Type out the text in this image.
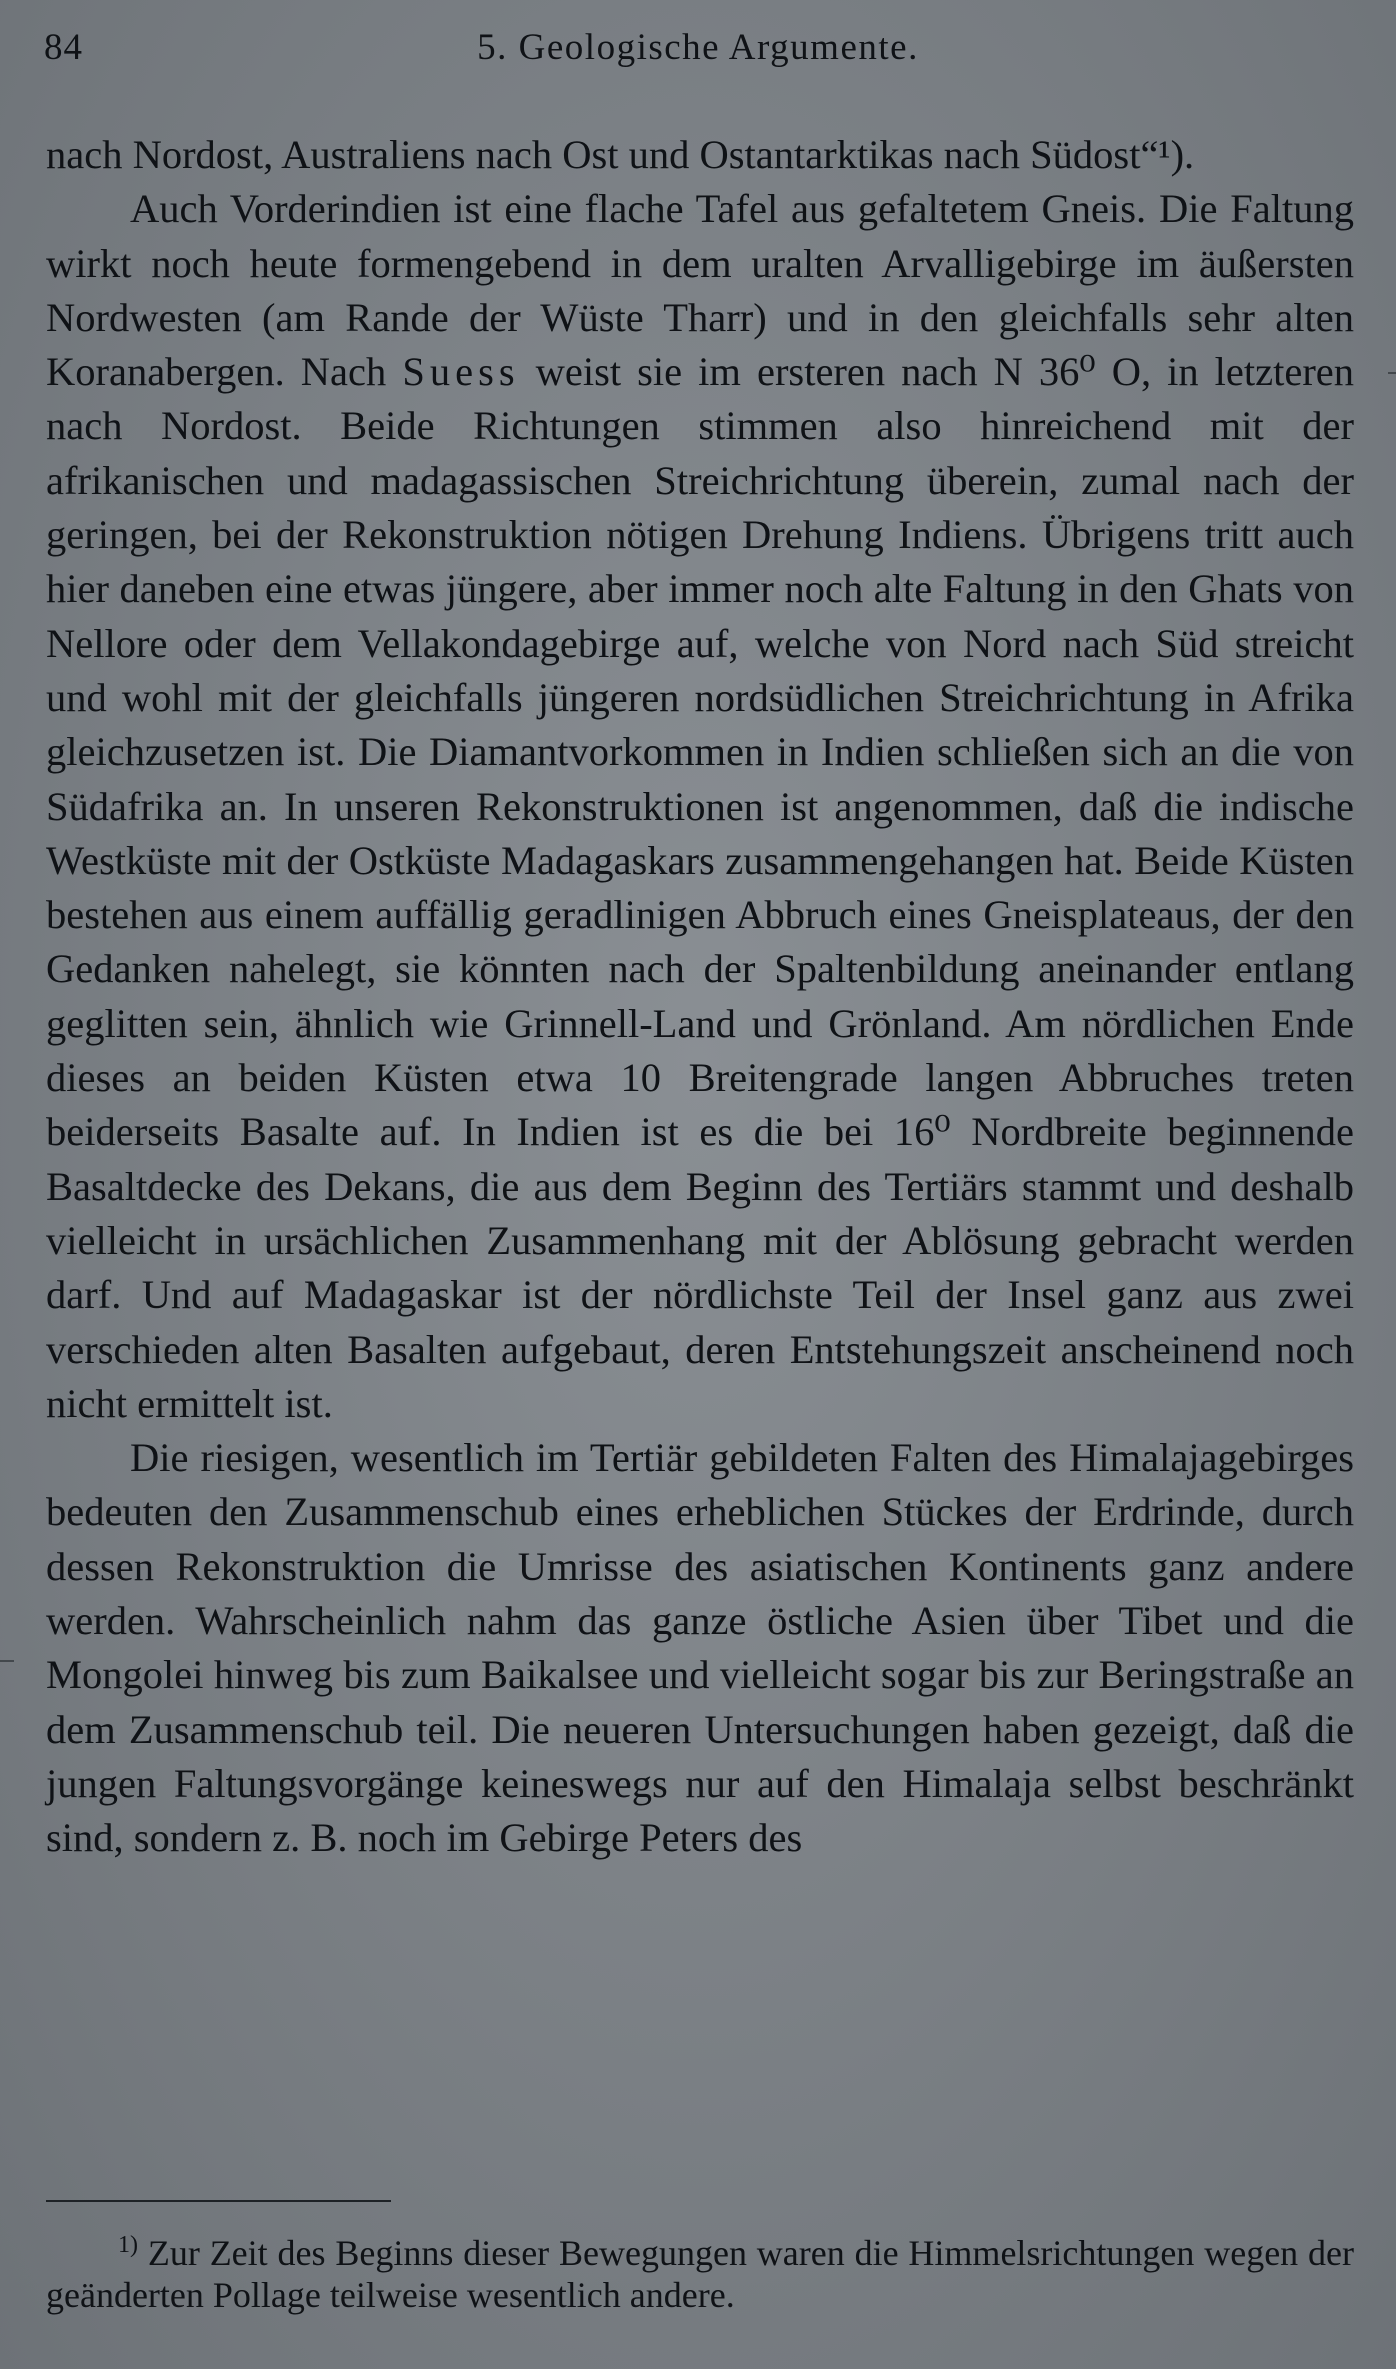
84	5. Geologische Argumente.

nach Nordost, Australiens nach Ost und Ostantarktikas nach Südost“¹).

Auch Vorderindien ist eine flache Tafel aus gefaltetem Gneis. Die Faltung wirkt noch heute formengebend in dem uralten Arvalligebirge im äußersten Nordwesten (am Rande der Wüste Tharr) und in den gleichfalls sehr alten Koranabergen. Nach Suess weist sie im ersteren nach N 36⁰ O, in letzteren nach Nordost. Beide Richtungen stimmen also hinreichend mit der afrikanischen und madagassischen Streichrichtung überein, zumal nach der geringen, bei der Rekonstruktion nötigen Drehung Indiens. Übrigens tritt auch hier daneben eine etwas jüngere, aber immer noch alte Faltung in den Ghats von Nellore oder dem Vellakondagebirge auf, welche von Nord nach Süd streicht und wohl mit der gleichfalls jüngeren nordsüdlichen Streichrichtung in Afrika gleichzusetzen ist. Die Diamantvorkommen in Indien schließen sich an die von Südafrika an. In unseren Rekonstruktionen ist angenommen, daß die indische Westküste mit der Ostküste Madagaskars zusammengehangen hat. Beide Küsten bestehen aus einem auffällig geradlinigen Abbruch eines Gneisplateaus, der den Gedanken nahelegt, sie könnten nach der Spaltenbildung aneinander entlang geglitten sein, ähnlich wie Grinnell-Land und Grönland. Am nördlichen Ende dieses an beiden Küsten etwa 10 Breitengrade langen Abbruches treten beiderseits Basalte auf. In Indien ist es die bei 16⁰ Nordbreite beginnende Basaltdecke des Dekans, die aus dem Beginn des Tertiärs stammt und deshalb vielleicht in ursächlichen Zusammenhang mit der Ablösung gebracht werden darf. Und auf Madagaskar ist der nördlichste Teil der Insel ganz aus zwei verschieden alten Basalten aufgebaut, deren Entstehungszeit anscheinend noch nicht ermittelt ist.

Die riesigen, wesentlich im Tertiär gebildeten Falten des Himalajagebirges bedeuten den Zusammenschub eines erheblichen Stückes der Erdrinde, durch dessen Rekonstruktion die Umrisse des asiatischen Kontinents ganz andere werden. Wahrscheinlich nahm das ganze östliche Asien über Tibet und die Mongolei hinweg bis zum Baikalsee und vielleicht sogar bis zur Beringstraße an dem Zusammenschub teil. Die neueren Untersuchungen haben gezeigt, daß die jungen Faltungsvorgänge keineswegs nur auf den Himalaja selbst beschränkt sind, sondern z. B. noch im Gebirge Peters des

$^{1)}$ Zur Zeit des Beginns dieser Bewegungen waren die Himmelsrichtungen wegen der geänderten Pollage teilweise wesentlich andere.
